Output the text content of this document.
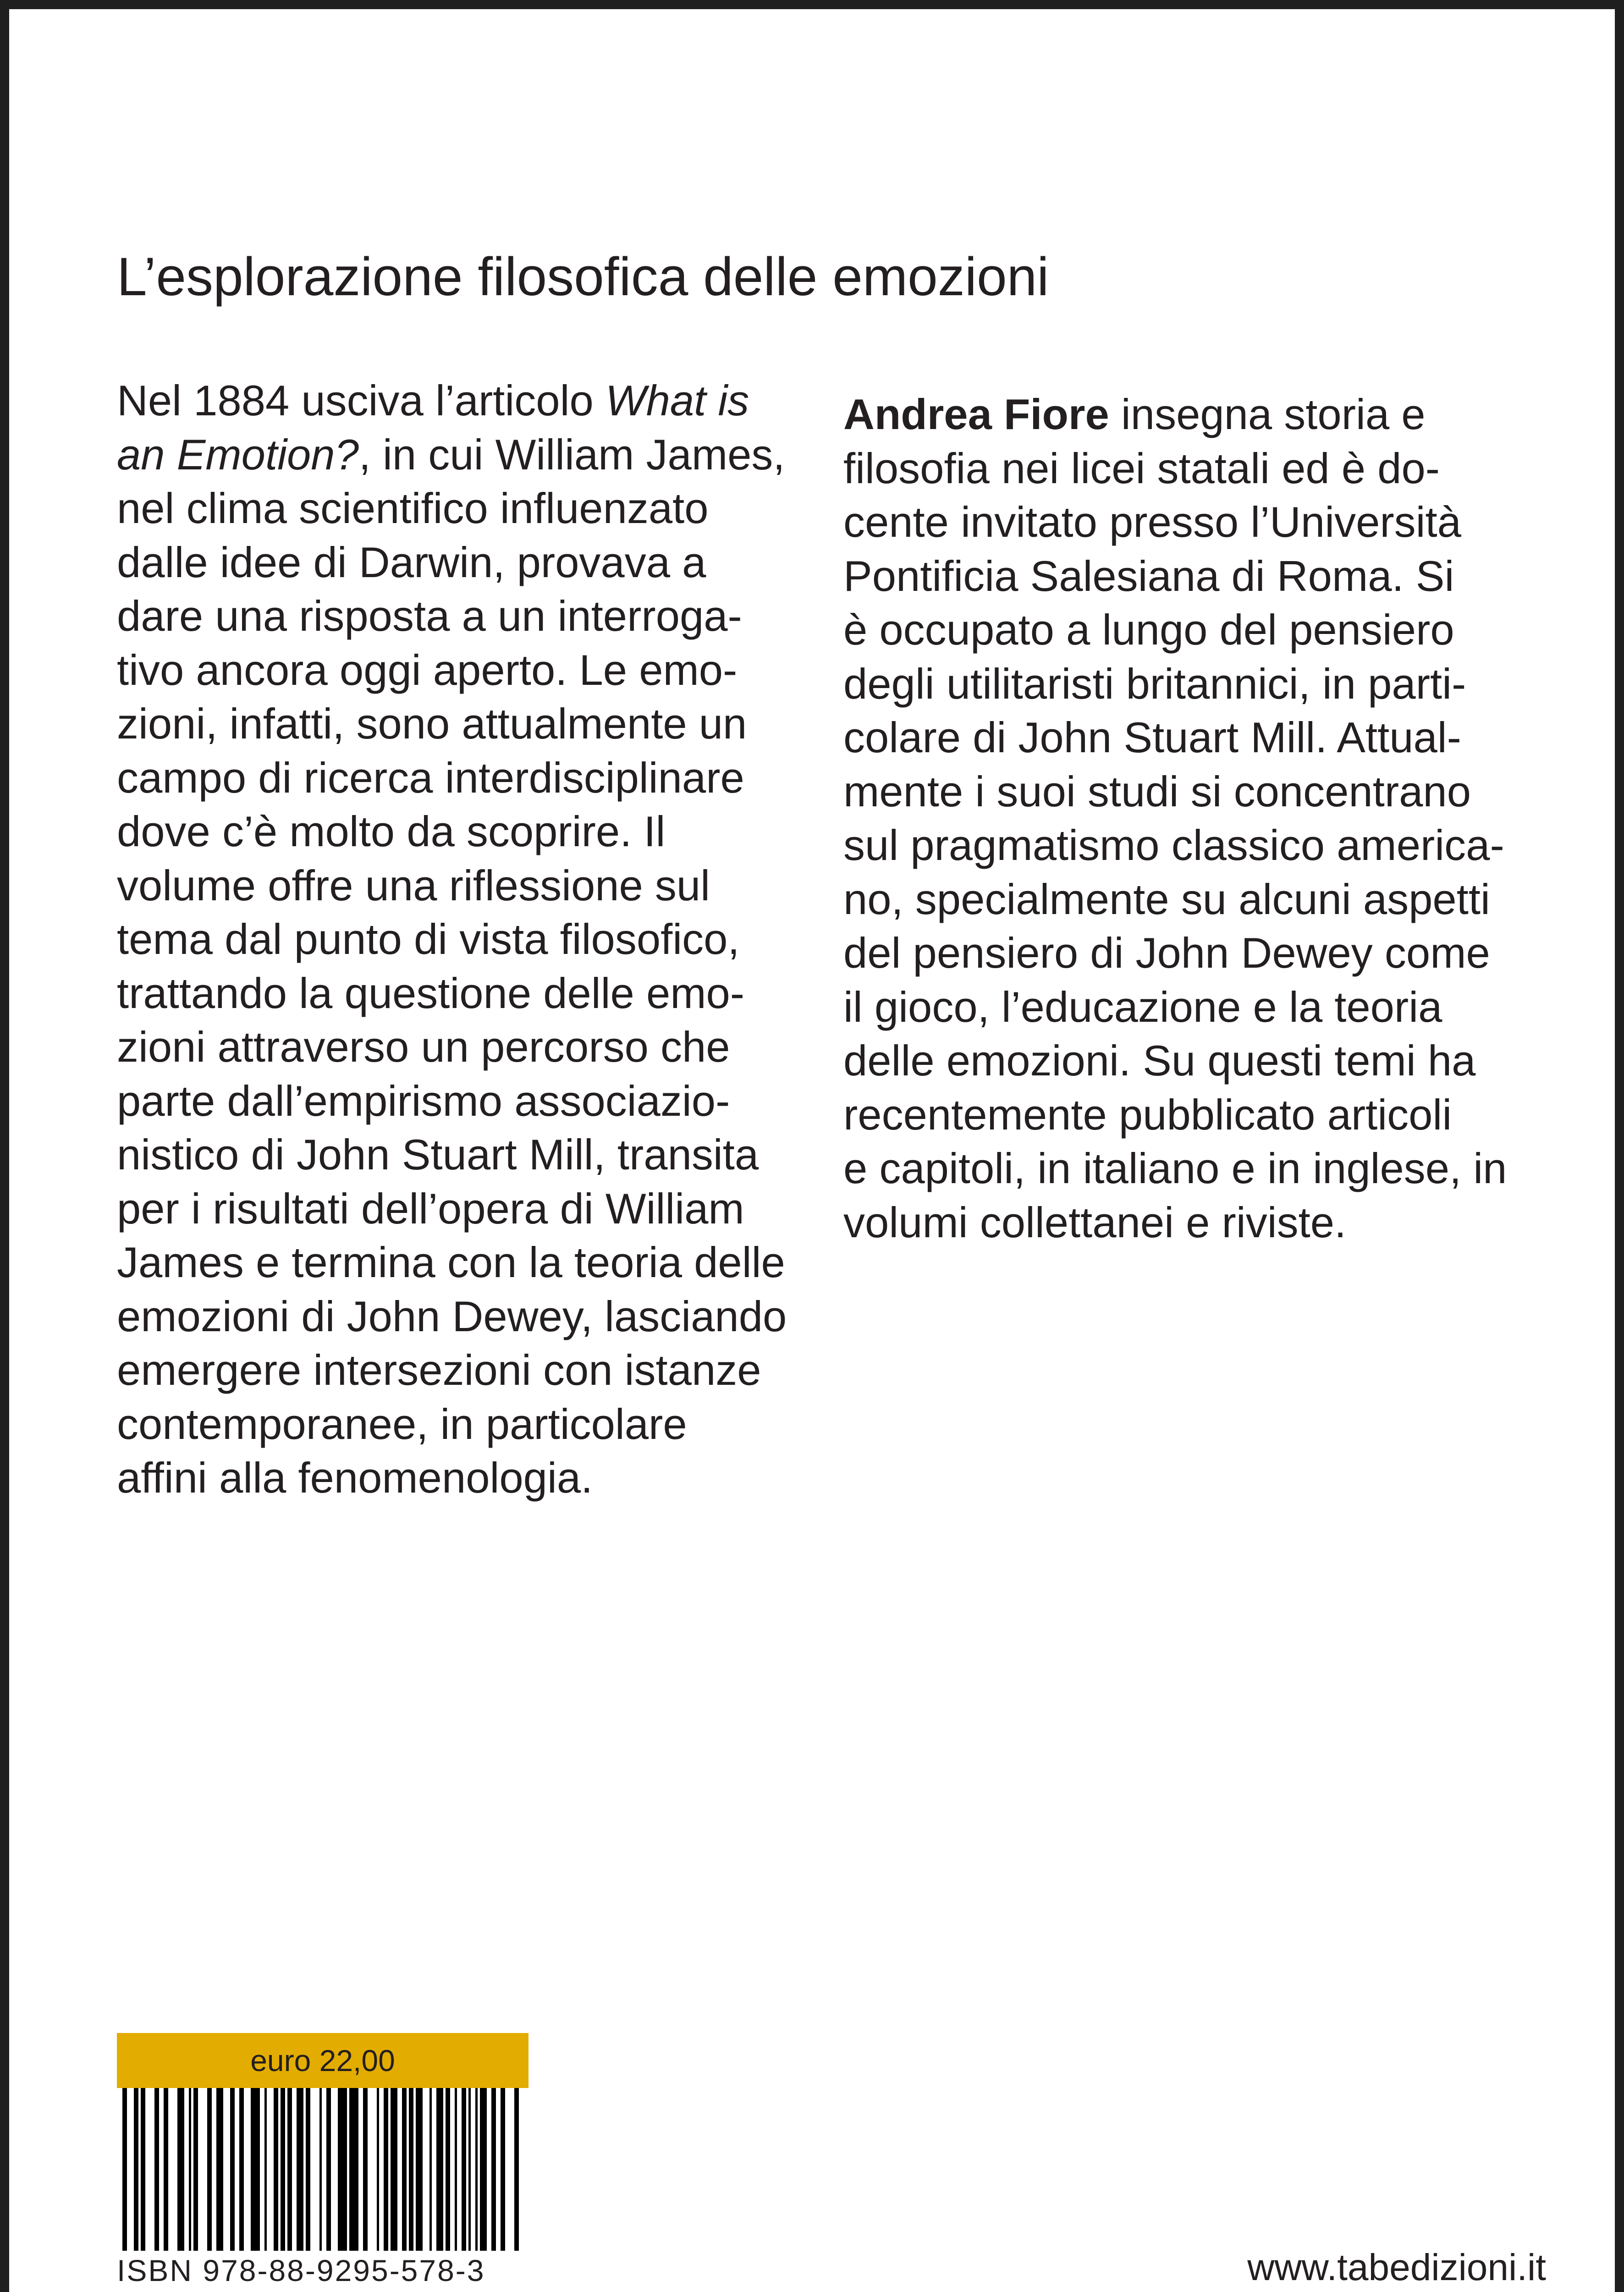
L’esplorazione filosofica delle emozioni
Nel 1884 usciva l’articolo What is
an Emotion?, in cui William James,
nel clima scientifico influenzato
dalle idee di Darwin, provava a
dare una risposta a un interroga-
tivo ancora oggi aperto. Le emo-
zioni, infatti, sono attualmente un
campo di ricerca interdisciplinare
dove c’è molto da scoprire. Il
volume offre una riflessione sul
tema dal punto di vista filosofico,
trattando la questione delle emo-
zioni attraverso un percorso che
parte dall’empirismo associazio-
nistico di John Stuart Mill, transita
per i risultati dell’opera di William
James e termina con la teoria delle
emozioni di John Dewey, lasciando
emergere intersezioni con istanze
contemporanee, in particolare
affini alla fenomenologia.
Andrea Fiore insegna storia e
filosofia nei licei statali ed è do-
cente invitato presso l’Università
Pontificia Salesiana di Roma. Si
è occupato a lungo del pensiero
degli utilitaristi britannici, in parti-
colare di John Stuart Mill. Attual-
mente i suoi studi si concentrano
sul pragmatismo classico america-
no, specialmente su alcuni aspetti
del pensiero di John Dewey come
il gioco, l’educazione e la teoria
delle emozioni. Su questi temi ha
recentemente pubblicato articoli
e capitoli, in italiano e in inglese, in
volumi collettanei e riviste.
euro 22,00
ISBN 978-88-9295-578-3	www.tabedizioni.it
